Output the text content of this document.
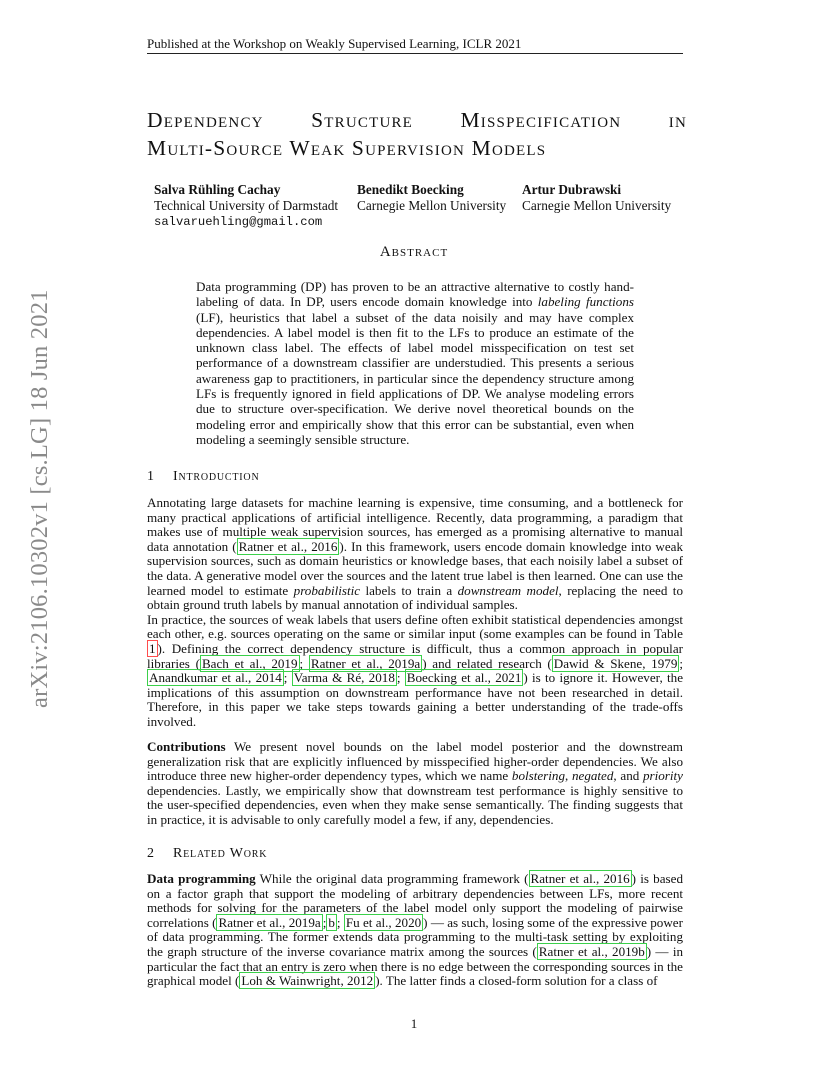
Published at the Workshop on Weakly Supervised Learning, ICLR 2021
arXiv:2106.10302v1 [cs.LG] 18 Jun 2021
Dependency Structure Misspecification in
Multi-Source Weak Supervision Models
Salva Rühling Cachay
Technical University of Darmstadt
salvaruehling@gmail.com
Benedikt Boecking
Carnegie Mellon University
Artur Dubrawski
Carnegie Mellon University
Abstract
Data programming (DP) has proven to be an attractive alternative to costly hand-labeling of data. In DP, users encode domain knowledge into labeling functions (LF), heuristics that label a subset of the data noisily and may have complex dependencies. A label model is then fit to the LFs to produce an estimate of the unknown class label. The effects of label model misspecification on test set performance of a downstream classifier are understudied. This presents a serious awareness gap to practitioners, in particular since the dependency structure among LFs is frequently ignored in field applications of DP. We analyse modeling errors due to structure over-specification. We derive novel theoretical bounds on the modeling error and empirically show that this error can be substantial, even when modeling a seemingly sensible structure.
1 Introduction
Annotating large datasets for machine learning is expensive, time consuming, and a bottleneck for many practical applications of artificial intelligence. Recently, data programming, a paradigm that makes use of multiple weak supervision sources, has emerged as a promising alternative to manual data annotation ( Ratner et al., 2016 ). In this framework, users encode domain knowledge into weak supervision sources, such as domain heuristics or knowledge bases, that each noisily label a subset of the data. A generative model over the sources and the latent true label is then learned. One can use the learned model to estimate probabilistic labels to train a downstream model, replacing the need to obtain ground truth labels by manual annotation of individual samples.
In practice, the sources of weak labels that users define often exhibit statistical dependencies amongst each other, e.g. sources operating on the same or similar input (some examples can be found in Table 1 ). Defining the correct dependency structure is difficult, thus a common approach in popular libraries ( Bach et al., 2019 ; Ratner et al., 2019a ) and related research ( Dawid & Skene, 1979 ; Anandkumar et al., 2014 ; Varma & Ré, 2018 ; Boecking et al., 2021 ) is to ignore it. However, the implications of this assumption on downstream performance have not been researched in detail. Therefore, in this paper we take steps towards gaining a better understanding of the trade-offs involved.
Contributions We present novel bounds on the label model posterior and the downstream generalization risk that are explicitly influenced by misspecified higher-order dependencies. We also introduce three new higher-order dependency types, which we name bolstering, negated, and priority dependencies. Lastly, we empirically show that downstream test performance is highly sensitive to the user-specified dependencies, even when they make sense semantically. The finding suggests that in practice, it is advisable to only carefully model a few, if any, dependencies.
2 Related Work
Data programming While the original data programming framework ( Ratner et al., 2016 ) is based on a factor graph that support the modeling of arbitrary dependencies between LFs, more recent methods for solving for the parameters of the label model only support the modeling of pairwise correlations ( Ratner et al., 2019a ; b ; Fu et al., 2020 ) — as such, losing some of the expressive power of data programming. The former extends data programming to the multi-task setting by exploiting the graph structure of the inverse covariance matrix among the sources ( Ratner et al., 2019b ) — in particular the fact that an entry is zero when there is no edge between the corresponding sources in the graphical model ( Loh & Wainwright, 2012 ). The latter finds a closed-form solution for a class of
1
